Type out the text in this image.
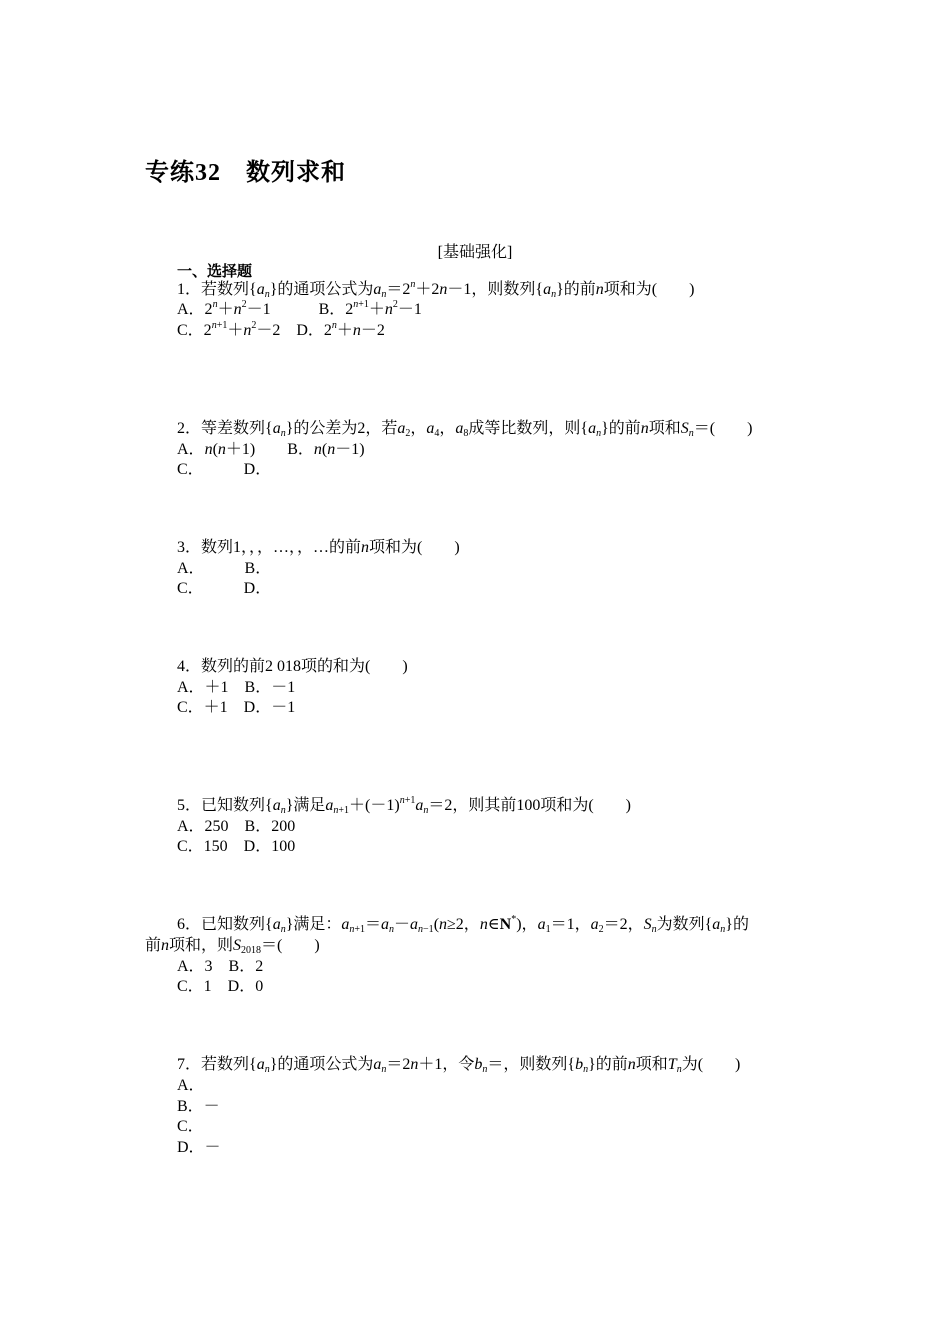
专练32　数列求和
[基础强化]
一、选择题
1．若数列$\{a_n\}$的通项公式为$a_n=2^n+2n-1$，则数列$\{a_n\}$的前n项和为(　　)
A．$2^n+n^2-1$　　　B．$2^{n+1}+n^2-1$
C．$2^{n+1}+n^2-2$　D．$2^n+n-2$
2．等差数列$\{a_n\}$的公差为2，若$a_2$，$a_4$，$a_8$成等比数列，则$\{a_n\}$的前n项和$S_n=$(　　)
A．n(n＋1)　　B．n(n－1)
C．　　　D．
3．数列1，，，…，，…的前n项和为(　　)
A．　　　B．
C．　　　D．
4．数列的前2 018项的和为(　　)
A．＋1　B．－1
C．＋1　D．－1
5．已知数列$\{a_n\}$满足$a_{n+1}+(-1)^{n+1}a_n=2$，则其前100项和为(　　)
A．250　B．200
C．150　D．100
6．已知数列$\{a_n\}$满足：$a_{n+1}=a_n-a_{n-1}(n\ge 2$，n∈N*)，$a_1=1$，$a_2=2$，$S_n$为数列$\{a_n\}$的
前n项和，则$S_{2018}=$(　　)
A．3　B．2
C．1　D．0
7．若数列$\{a_n\}$的通项公式为$a_n=2n+1$，令$b_n=$，则数列$\{b_n\}$的前n项和$T_n$为(　　)
A．
B．－
C．
D．－
